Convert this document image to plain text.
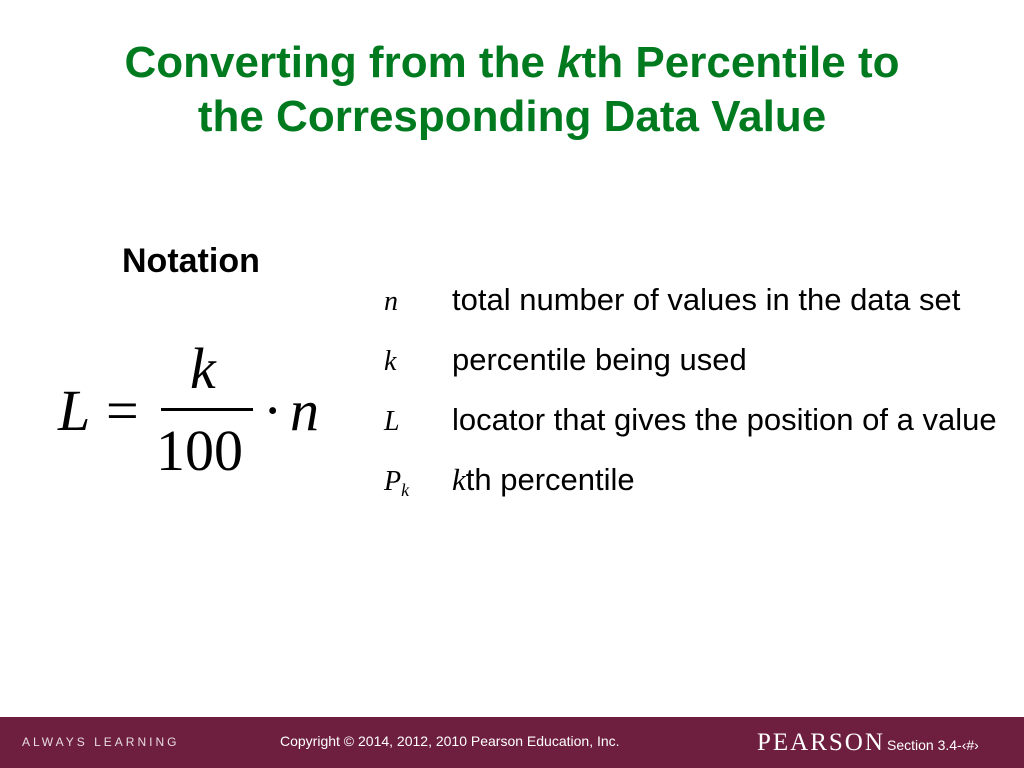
Converting from the kth Percentile to
the Corresponding Data Value
Notation
L =
k
100
· n
n	total number of values in the data set
k	percentile being used
L	locator that gives the position of a value
$P_k$	kth percentile
ALWAYS LEARNING	Copyright © 2014, 2012, 2010 Pearson Education, Inc.	PEARSON Section 3.4-‹#›
